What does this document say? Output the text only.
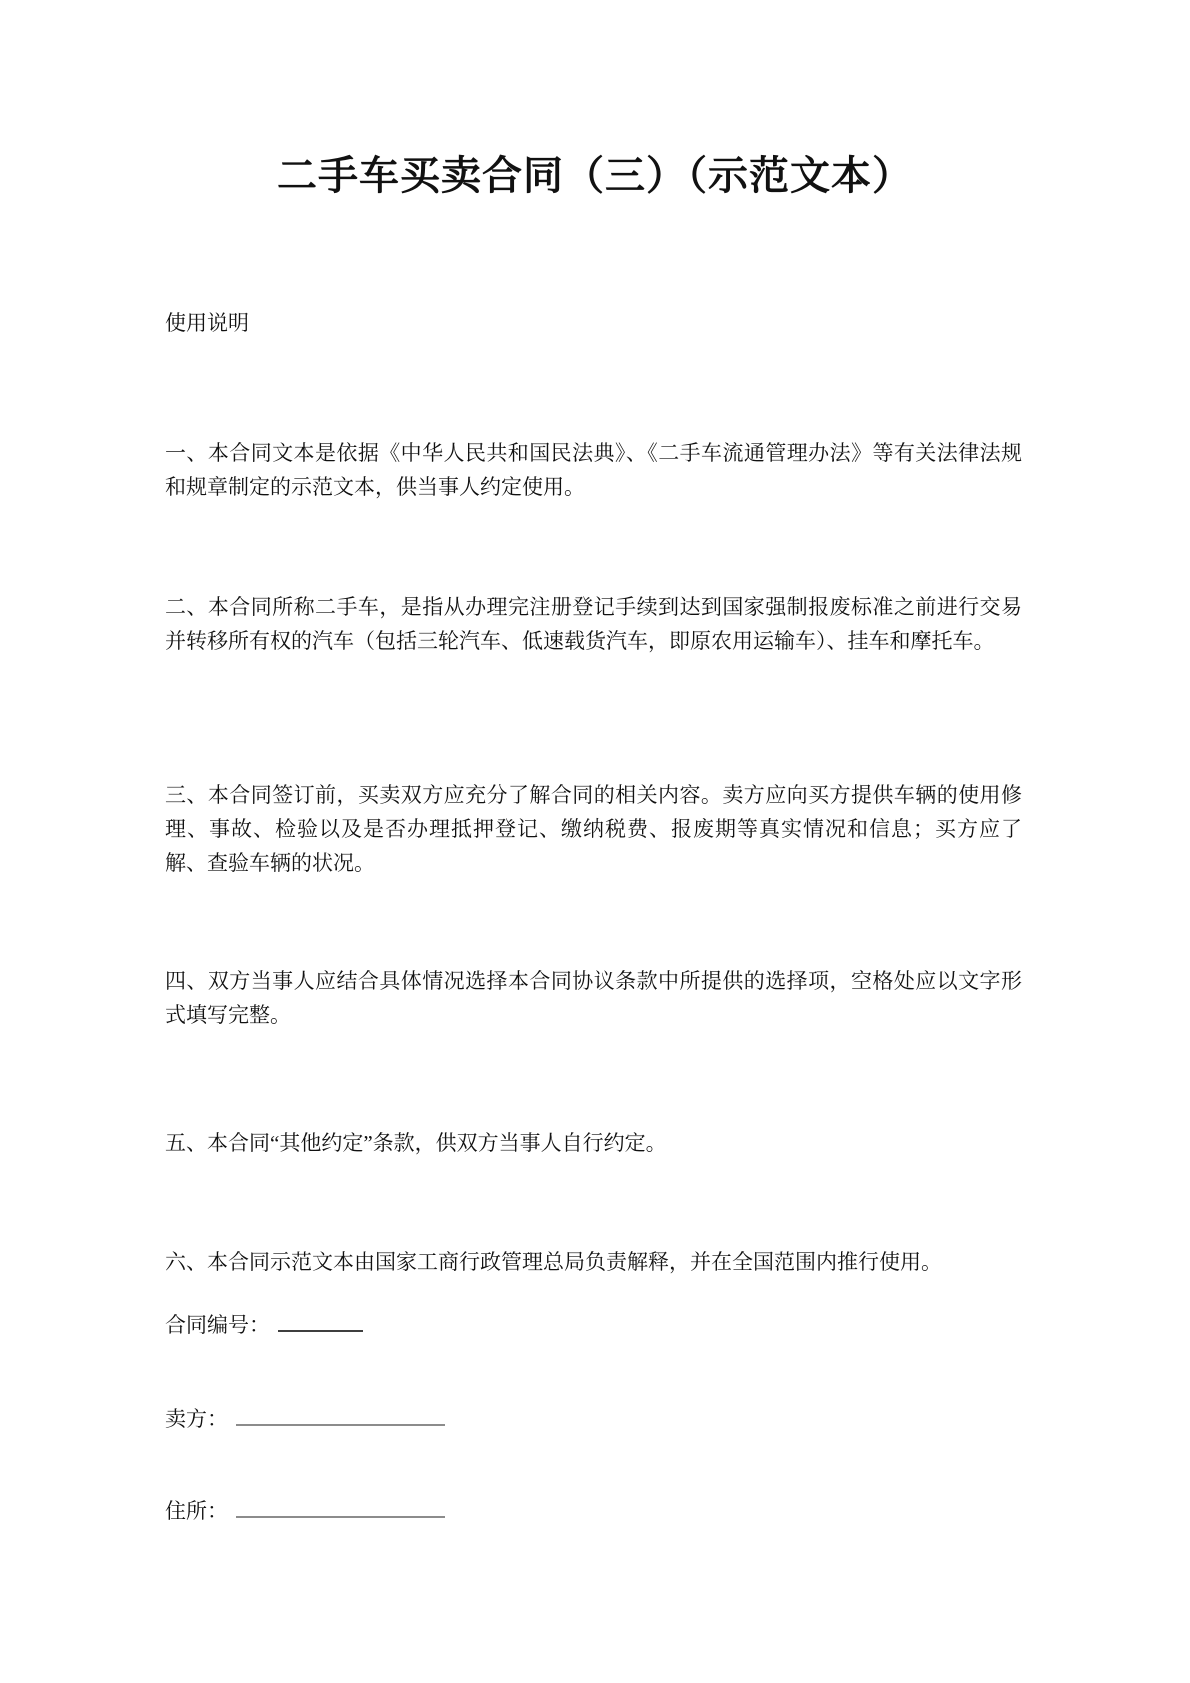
二手车买卖合同（三）（示范文本）
使用说明

一、本合同文本是依据《中华人民共和国民法典》、《二手车流通管理办法》等有关法律法规和规章制定的示范文本，供当事人约定使用。

二、本合同所称二手车，是指从办理完注册登记手续到达到国家强制报废标准之前进行交易并转移所有权的汽车（包括三轮汽车、低速载货汽车，即原农用运输车）、挂车和摩托车。

三、本合同签订前，买卖双方应充分了解合同的相关内容。卖方应向买方提供车辆的使用修理、事故、检验以及是否办理抵押登记、缴纳税费、报废期等真实情况和信息；买方应了解、查验车辆的状况。

四、双方当事人应结合具体情况选择本合同协议条款中所提供的选择项，空格处应以文字形式填写完整。

五、本合同“其他约定”条款，供双方当事人自行约定。

六、本合同示范文本由国家工商行政管理总局负责解释，并在全国范围内推行使用。

合同编号：
卖方：
住所：
